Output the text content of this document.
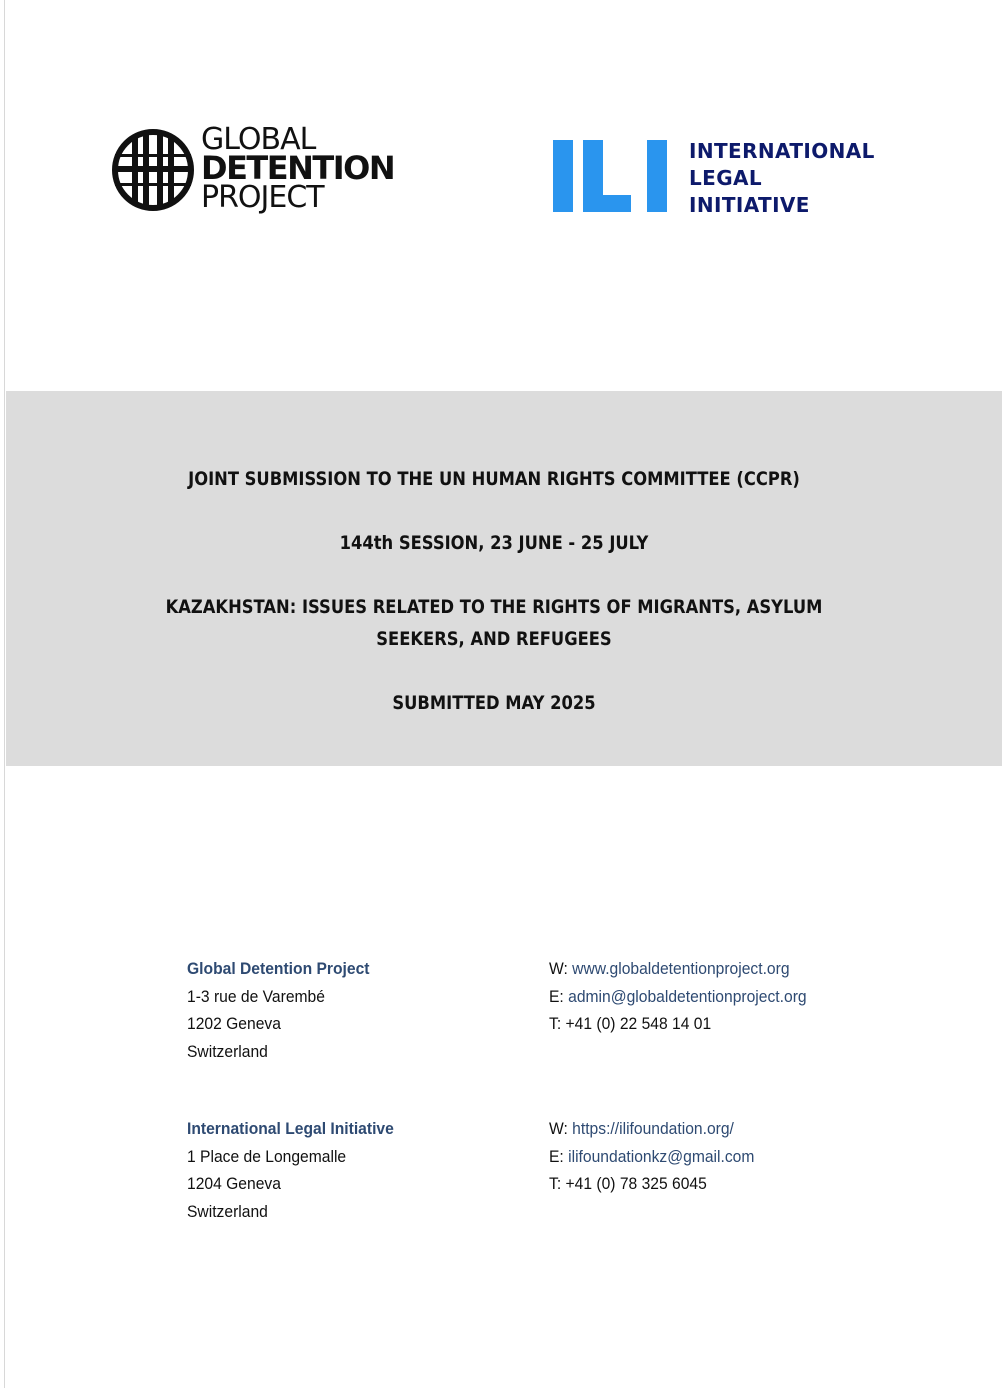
GLOBAL
DETENTION
PROJECT
INTERNATIONAL
LEGAL
INITIATIVE
JOINT SUBMISSION TO THE UN HUMAN RIGHTS COMMITTEE (CCPR)
144th SESSION, 23 JUNE - 25 JULY
KAZAKHSTAN: ISSUES RELATED TO THE RIGHTS OF MIGRANTS, ASYLUM
SEEKERS, AND REFUGEES
SUBMITTED MAY 2025
Global Detention Project
1-3 rue de Varembé
1202 Geneva
Switzerland
W: www.globaldetentionproject.org
E: admin@globaldetentionproject.org
T: +41 (0) 22 548 14 01
International Legal Initiative
1 Place de Longemalle
1204 Geneva
Switzerland
W: https://ilifoundation.org/
E: ilifoundationkz@gmail.com
T: +41 (0) 78 325 6045
